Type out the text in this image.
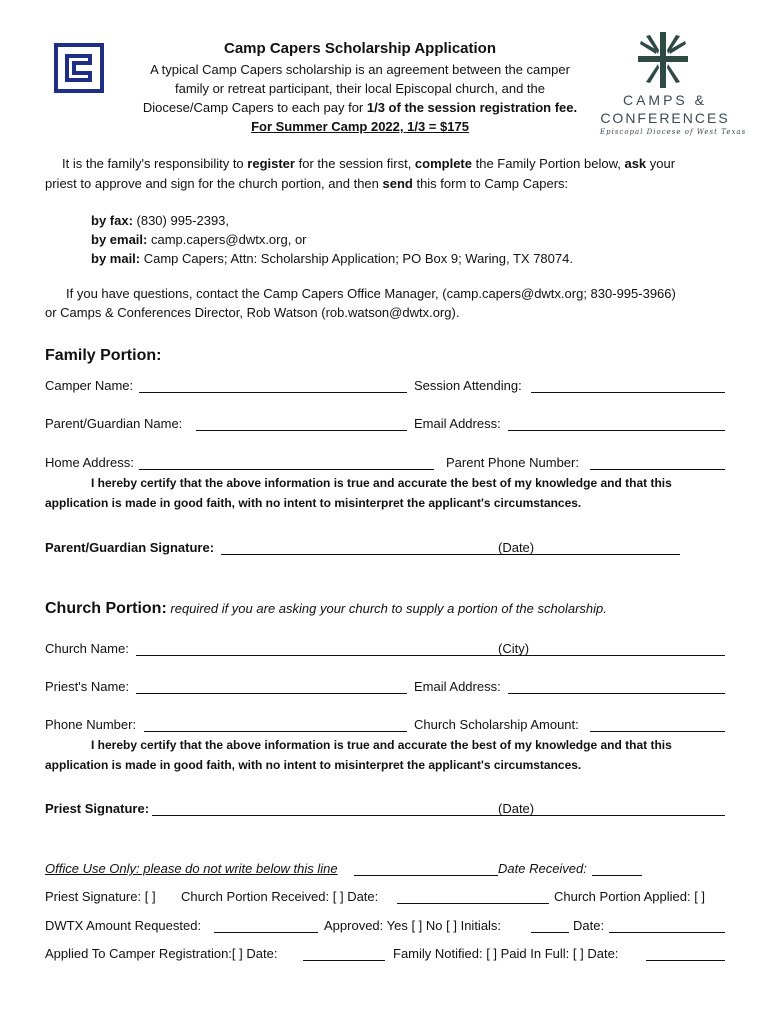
Camp Capers Scholarship Application
A typical Camp Capers scholarship is an agreement between the camper
family or retreat participant, their local Episcopal church, and the
Diocese/Camp Capers to each pay for 1/3 of the session registration fee.
For Summer Camp 2022, 1/3 = $175
CAMPS &
CONFERENCES
Episcopal Diocese of West Texas
It is the family's responsibility to register for the session first, complete the Family Portion below, ask your
priest to approve and sign for the church portion, and then send this form to Camp Capers:
by fax: (830) 995-2393,
by email: camp.capers@dwtx.org, or
by mail: Camp Capers; Attn: Scholarship Application; PO Box 9; Waring, TX 78074.
If you have questions, contact the Camp Capers Office Manager, (camp.capers@dwtx.org; 830-995-3966)
or Camps & Conferences Director, Rob Watson (rob.watson@dwtx.org).
Family Portion:
Camper Name:	Session Attending:
Parent/Guardian Name:	Email Address:
Home Address:	Parent Phone Number:
I hereby certify that the above information is true and accurate the best of my knowledge and that this
application is made in good faith, with no intent to misinterpret the applicant's circumstances.
Parent/Guardian Signature:	(Date)
Church Portion: required if you are asking your church to supply a portion of the scholarship.
Church Name:	(City)
Priest's Name:	Email Address:
Phone Number:	Church Scholarship Amount:
I hereby certify that the above information is true and accurate the best of my knowledge and that this
application is made in good faith, with no intent to misinterpret the applicant's circumstances.
Priest Signature:	(Date)
Office Use Only: please do not write below this line	Date Received:
Priest Signature: [ ] Church Portion Received: [ ] Date:	Church Portion Applied: [ ]
DWTX Amount Requested:	Approved: Yes [ ] No [ ] Initials:	Date:
Applied To Camper Registration:[ ] Date:	Family Notified: [ ] Paid In Full: [ ] Date:
